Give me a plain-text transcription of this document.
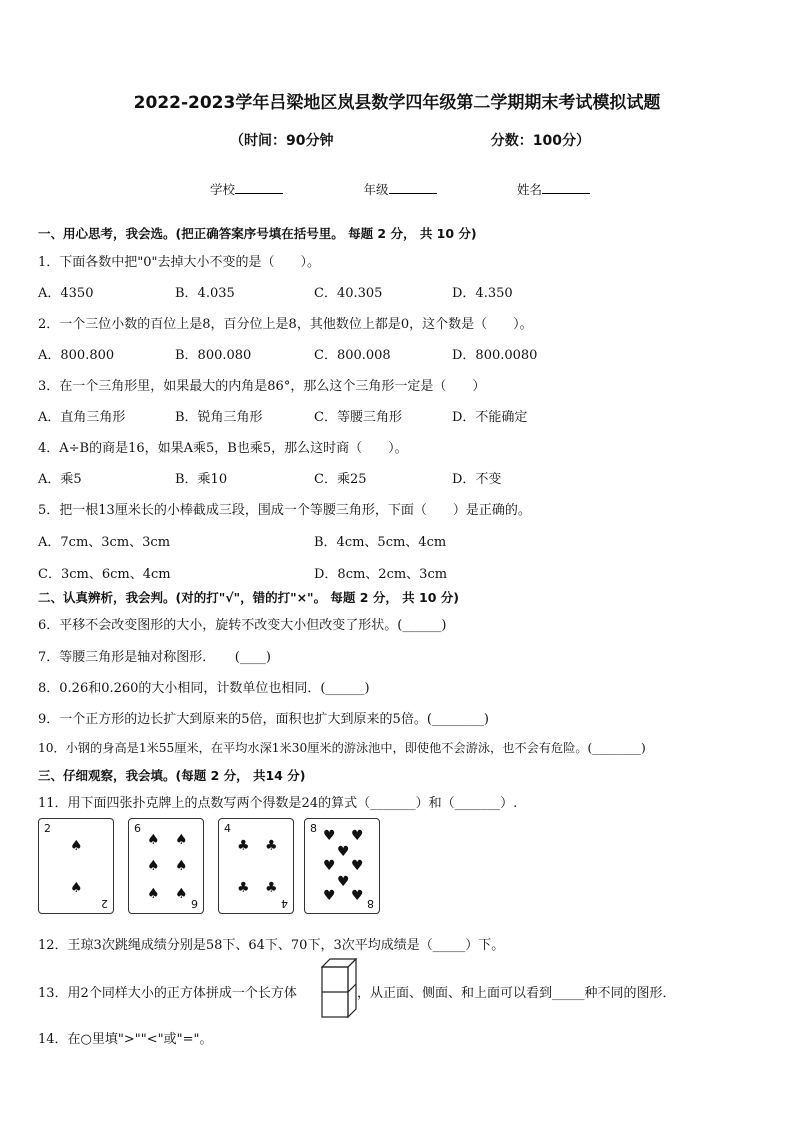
2022-2023学年吕梁地区岚县数学四年级第二学期期末考试模拟试题
（时间：90分钟	分数：100分）
学校	年级	姓名
一、用心思考，我会选。(把正确答案序号填在括号里。 每题 2 分， 共 10 分)
1．下面各数中把"0"去掉大小不变的是（　　）。
A．4350	B．4.035	C．40.305	D．4.350
2．一个三位小数的百位上是8，百分位上是8，其他数位上都是0，这个数是（　　）。
A．800.800	B．800.080	C．800.008	D．800.0080
3．在一个三角形里，如果最大的内角是86°，那么这个三角形一定是（　　）
A．直角三角形	B．锐角三角形	C．等腰三角形	D．不能确定
4．A÷B的商是16，如果A乘5，B也乘5，那么这时商（　　）。
A．乘5	B．乘10	C．乘25	D．不变
5．把一根13厘米长的小棒截成三段，围成一个等腰三角形，下面（　　）是正确的。
A．7cm、3cm、3cm	B．4cm、5cm、4cm
C．3cm、6cm、4cm	D．8cm、2cm、3cm
二、认真辨析，我会判。(对的打"√"，错的打"×"。 每题 2 分， 共 10 分)
6．平移不会改变图形的大小，旋转不改变大小但改变了形状。(______)
7．等腰三角形是轴对称图形．　　(____)
8．0.26和0.260的大小相同，计数单位也相同．(______)
9．一个正方形的边长扩大到原来的5倍，面积也扩大到原来的5倍。(________)
10．小钢的身高是1米55厘米，在平均水深1米30厘米的游泳池中，即使他不会游泳，也不会有危险。(________)
三、仔细观察，我会填。(每题 2 分， 共14 分)
11．用下面四张扑克牌上的点数写两个得数是24的算式（_______）和（_______）.
2
♠
♠
2
6
♠ ♠
♠ ♠
♠ ♠
6
4
♣ ♣
♣ ♣
4
8 ♥ ♥
♥
♥ ♥
♥
♥ ♥ 8
12．王琼3次跳绳成绩分别是58下、64下、70下，3次平均成绩是（_____）下。
13．用2个同样大小的正方体拼成一个长方体	，从正面、侧面、和上面可以看到_____种不同的图形．
14．在○里填">""<"或"="。
